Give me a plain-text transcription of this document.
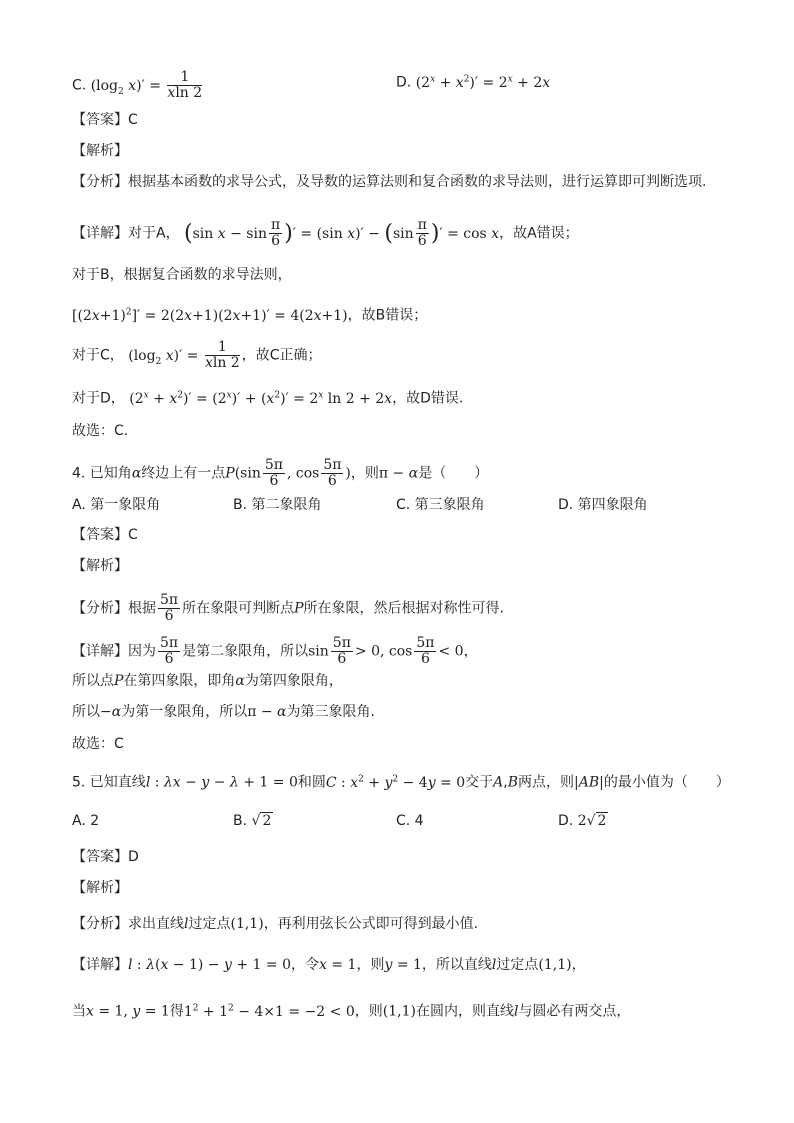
C. ($\log_2$ $x)' = \frac{1}{xln 2}$	D. $(2^x + x^2)' = 2^x + 2x$
【答案】C
【解析】
【分析】根据基本函数的求导公式，及导数的运算法则和复合函数的求导法则，进行运算即可判断选项.
【详解】对于A， (sin $x - \sin \frac{\pi}{6}$ )′ = (sin $x)' - (\sin \frac{\pi}{6}$ )′ = cos x，故A错误；
对于B，根据复合函数的求导法则，
$[(2x+1)^2]' = 2(2x+1)(2x+1)' = 4(2x+1)$，故B错误；
对于C， ($\log_2$ $x)' = \frac{1}{xln 2}$ ，故C正确；
对于D， $(2^x + x^2)' = (2^x)' + (x^2)' = 2^x$ ln 2 + 2x，故D错误.
故选：C.
4. 已知角α终边上有一点$P(\sin \frac{5\pi}{6}$ , $\cos \frac{5\pi}{6}$ )，则π − α是（　　）
A. 第一象限角	B. 第二象限角	C. 第三象限角	D. 第四象限角
【答案】C
【解析】
【分析】根据 $\frac{5\pi}{6}$ 所在象限可判断点P所在象限，然后根据对称性可得.
【详解】因为 $\frac{5\pi}{6}$ 是第二象限角，所以$\sin \frac{5\pi}{6} > 0$, $\cos \frac{5\pi}{6} < 0$，
所以点P在第四象限，即角α为第四象限角，
所以−α为第一象限角，所以π − α为第三象限角.
故选：C
5. 已知直线l : λx − y − λ + 1 = 0和圆C : $x^2 + y^2 - 4y = 0$交于A,B两点，则|AB|的最小值为（　　）
A. 2	B. √ 2	C. 4	D. 2√ 2
【答案】D
【解析】
【分析】求出直线l过定点(1,1)，再利用弦长公式即可得到最小值.
【详解】l : λ(x − 1) − y + 1 = 0，令x = 1，则y = 1，所以直线l过定点(1,1)，
当x = 1, y = 1得$1^2 + 1^2 - 4\times 1 = -2 < 0$，则(1,1)在圆内，则直线l与圆必有两交点，
